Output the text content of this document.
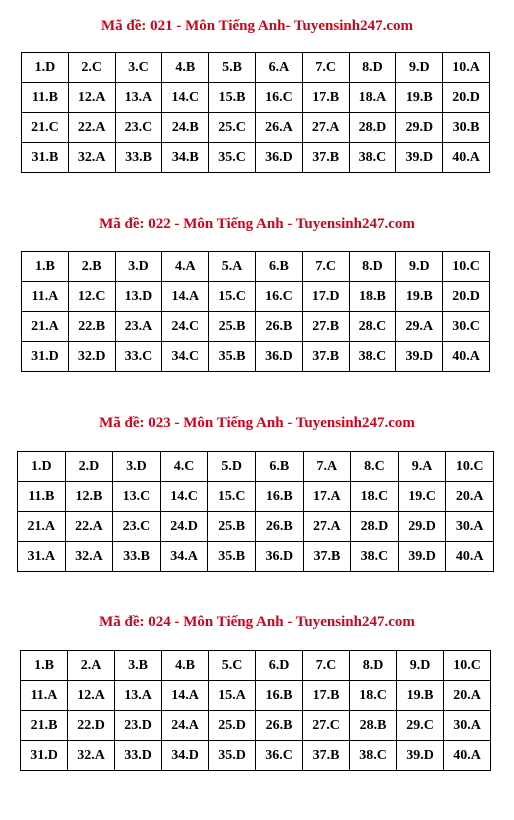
Mã đề: 021 - Môn Tiếng Anh- Tuyensinh247.com
1.D	2.C	3.C	4.B	5.B	6.A	7.C	8.D	9.D	10.A
11.B	12.A	13.A	14.C	15.B	16.C	17.B	18.A	19.B	20.D
21.C	22.A	23.C	24.B	25.C	26.A	27.A	28.D	29.D	30.B
31.B	32.A	33.B	34.B	35.C	36.D	37.B	38.C	39.D	40.A
Mã đề: 022 - Môn Tiếng Anh - Tuyensinh247.com
1.B	2.B	3.D	4.A	5.A	6.B	7.C	8.D	9.D	10.C
11.A	12.C	13.D	14.A	15.C	16.C	17.D	18.B	19.B	20.D
21.A	22.B	23.A	24.C	25.B	26.B	27.B	28.C	29.A	30.C
31.D	32.D	33.C	34.C	35.B	36.D	37.B	38.C	39.D	40.A
Mã đề: 023 - Môn Tiếng Anh - Tuyensinh247.com
1.D	2.D	3.D	4.C	5.D	6.B	7.A	8.C	9.A	10.C
11.B	12.B	13.C	14.C	15.C	16.B	17.A	18.C	19.C	20.A
21.A	22.A	23.C	24.D	25.B	26.B	27.A	28.D	29.D	30.A
31.A	32.A	33.B	34.A	35.B	36.D	37.B	38.C	39.D	40.A
Mã đề: 024 - Môn Tiếng Anh - Tuyensinh247.com
1.B	2.A	3.B	4.B	5.C	6.D	7.C	8.D	9.D	10.C
11.A	12.A	13.A	14.A	15.A	16.B	17.B	18.C	19.B	20.A
21.B	22.D	23.D	24.A	25.D	26.B	27.C	28.B	29.C	30.A
31.D	32.A	33.D	34.D	35.D	36.C	37.B	38.C	39.D	40.A
